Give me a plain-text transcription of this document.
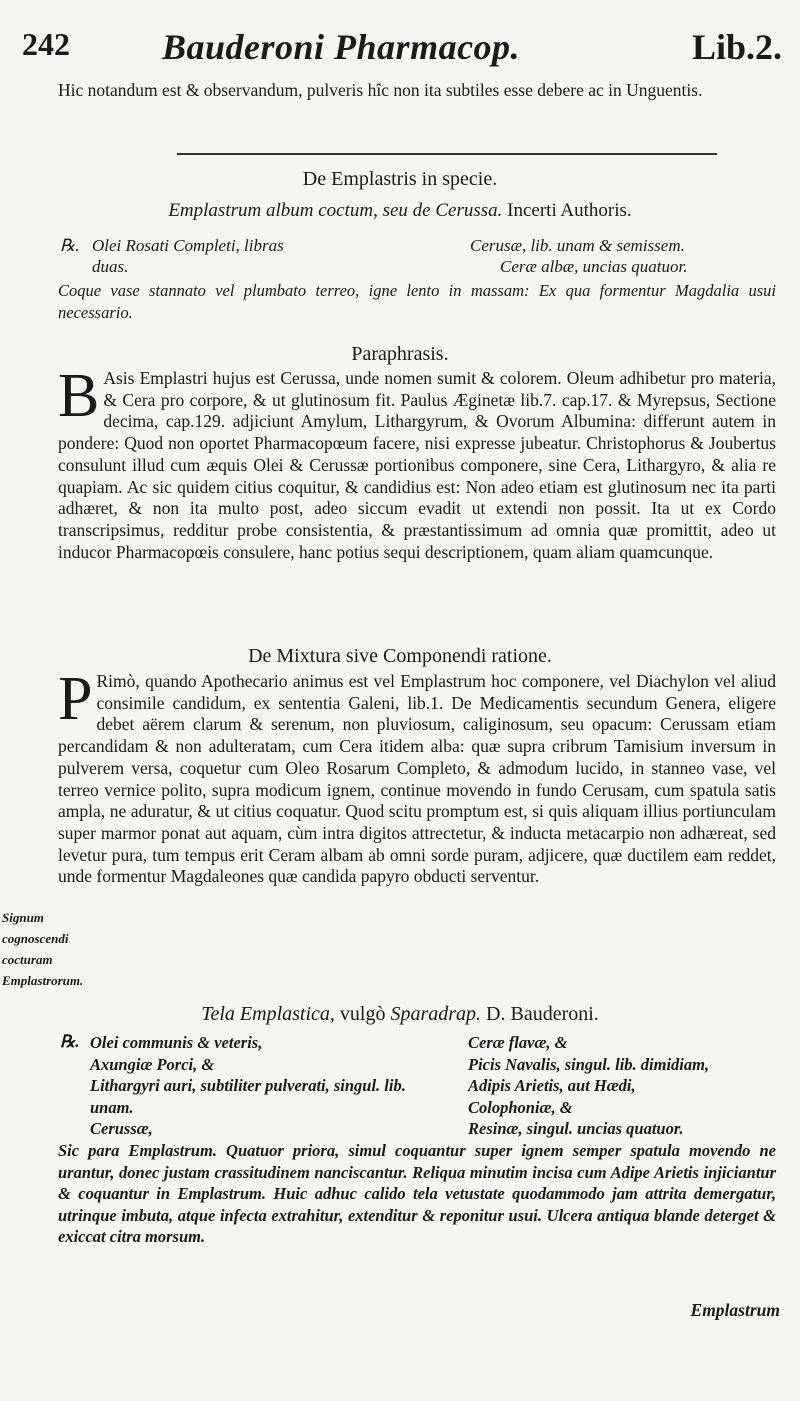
242	Bauderoni Pharmacop.	Lib.2.
Hic notandum est & observandum, pulveris hîc non ita subtiles esse debere ac in Unguentis.
De Emplastris in specie.
Emplastrum album coctum, seu de Cerussa. Incerti Authoris.
℞. Olei Rosati Completi, libras
duas.
Cerusæ, lib. unam & semissem.
Ceræ albæ, uncias quatuor.
Coque vase stannato vel plumbato terreo, igne lento in massam: Ex qua formentur Magdalia usui necessario.
Paraphrasis.
B Asis Emplastri hujus est Cerussa, unde nomen sumit & colorem. Oleum adhibetur pro materia, & Cera pro corpore, & ut glutinosum fit. Paulus Æginetæ lib.7. cap.17. & Myrepsus, Sectione decima, cap.129. adjiciunt Amylum, Lithargyrum, & Ovorum Albumina: differunt autem in pondere: Quod non oportet Pharmacopœum facere, nisi expresse jubeatur. Christophorus & Joubertus consulunt illud cum æquis Olei & Cerussæ portionibus componere, sine Cera, Lithargyro, & alia re quapiam. Ac sic quidem citius coquitur, & candidius est: Non adeo etiam est glutinosum nec ita parti adhæret, & non ita multo post, adeo siccum evadit ut extendi non possit. Ita ut ex Cordo transcripsimus, redditur probe consistentia, & præstantissimum ad omnia quæ promittit, adeo ut inducor Pharmacopœis consulere, hanc potius sequi descriptionem, quam aliam quamcunque.
De Mixtura sive Componendi ratione.
P Rimò, quando Apothecario animus est vel Emplastrum hoc componere, vel Diachylon vel aliud consimile candidum, ex sententia Galeni, lib.1. De Medicamentis secundum Genera, eligere debet aërem clarum & serenum, non pluviosum, caliginosum, seu opacum: Cerussam etiam percandidam & non adulteratam, cum Cera itidem alba: quæ supra cribrum Tamisium inversum in pulverem versa, coquetur cum Oleo Rosarum Completo, & admodum lucido, in stanneo vase, vel terreo vernice polito, supra modicum ignem, continue movendo in fundo Cerusam, cum spatula satis ampla, ne aduratur, & ut citius coquatur. Quod scitu promptum est, si quis aliquam illius portiunculam super marmor ponat aut aquam, cùm intra digitos attrectetur, & inducta metacarpio non adhæreat, sed levetur pura, tum tempus erit Ceram albam ab omni sorde puram, adjicere, quæ ductilem eam reddet, unde formentur Magdaleones quæ candida papyro obducti serventur.
Signum cognoscendi cocturam
Emplastrorum.
Tela Emplastica, vulgò Sparadrap. D. Bauderoni.
℞. Olei communis & veteris,
Axungiæ Porci, &
Lithargyri auri, subtiliter pulverati, singul. lib. unam.
Cerussæ,
Ceræ flavæ, &
Picis Navalis, singul. lib. dimidiam,
Adipis Arietis, aut Hædi,
Colophoniæ, &
Resinæ, singul. uncias quatuor.
Sic para Emplastrum. Quatuor priora, simul coquantur super ignem semper spatula movendo ne urantur, donec justam crassitudinem nanciscantur. Reliqua minutim incisa cum Adipe Arietis injiciantur & coquantur in Emplastrum. Huic adhuc calido tela vetustate quodammodo jam attrita demergatur, utrinque imbuta, atque infecta extrahitur, extenditur & reponitur usui. Ulcera antiqua blande deterget & exiccat citra morsum.
Emplastrum
